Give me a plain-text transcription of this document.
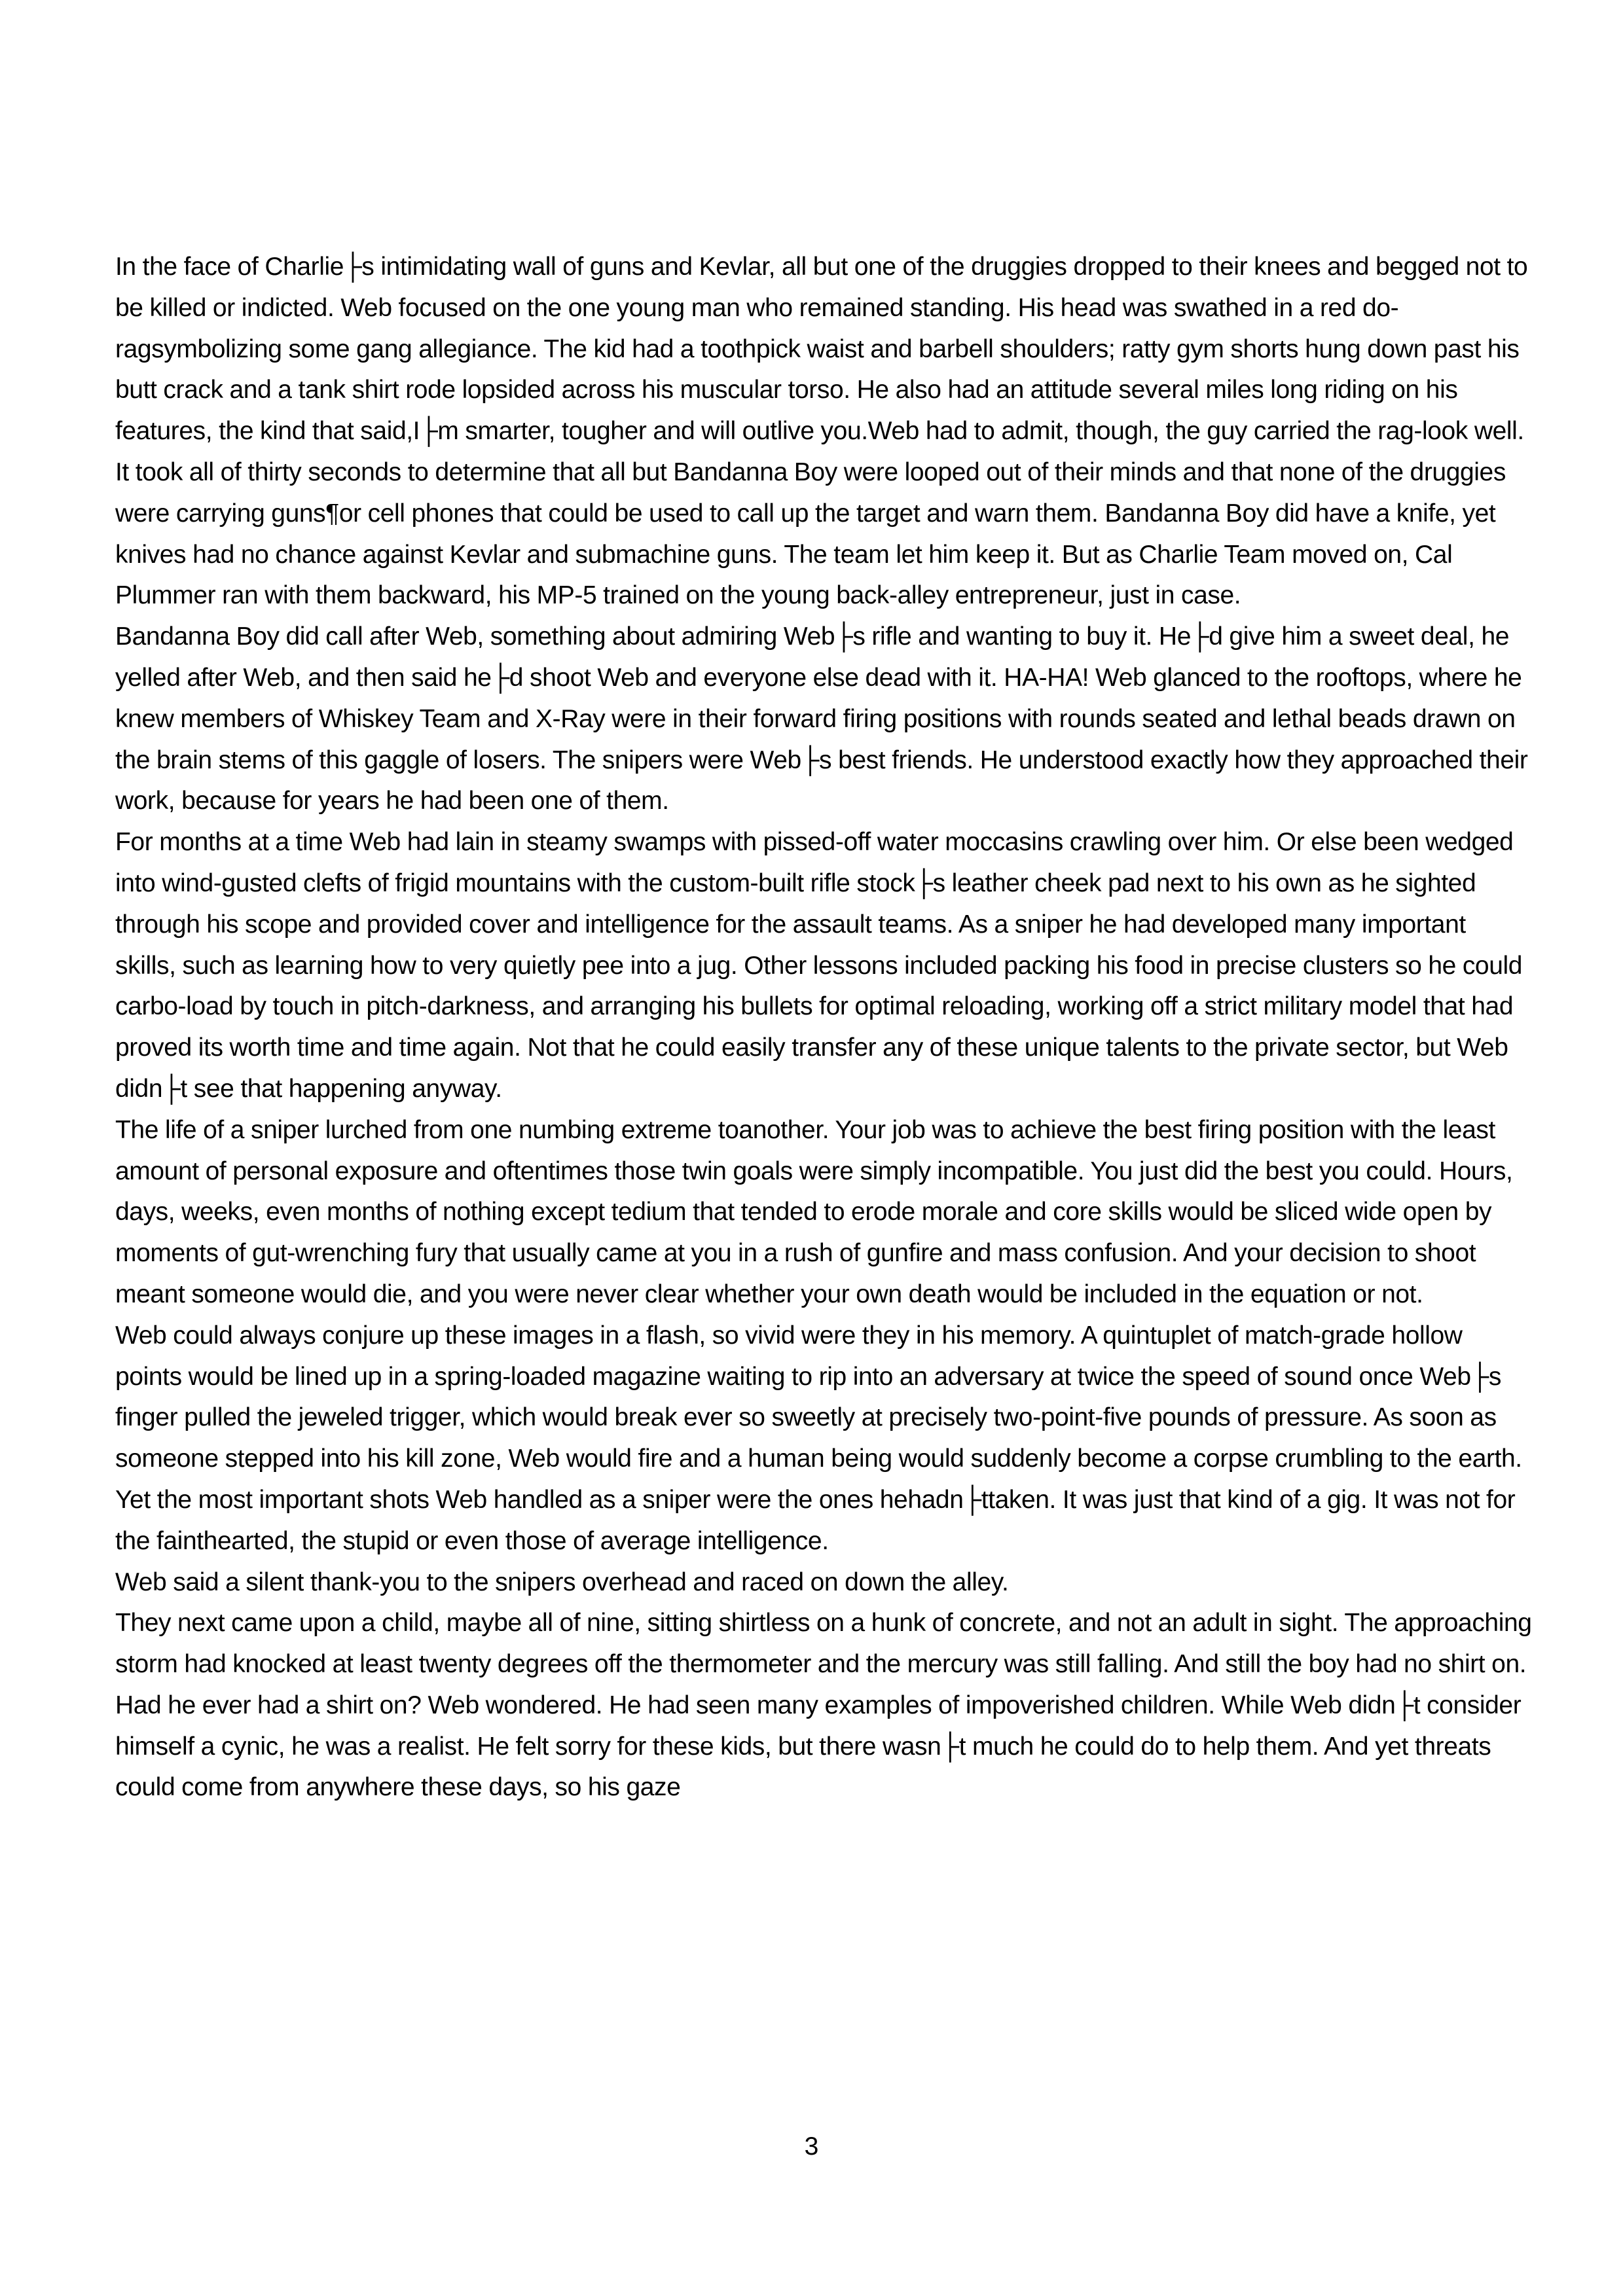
In the face of Charlie├s intimidating wall of guns and Kevlar, all but one of the druggies dropped to their knees and begged not to be killed or indicted. Web focused on the one young man who remained standing. His head was swathed in a red do-ragsymbolizing some gang allegiance. The kid had a toothpick waist and barbell shoulders; ratty gym shorts hung down past his butt crack and a tank shirt rode lopsided across his muscular torso. He also had an attitude several miles long riding on his features, the kind that said,I├m smarter, tougher and will outlive you.Web had to admit, though, the guy carried the rag-look well.

It took all of thirty seconds to determine that all but Bandanna Boy were looped out of their minds and that none of the druggies were carrying guns¶or cell phones that could be used to call up the target and warn them. Bandanna Boy did have a knife, yet knives had no chance against Kevlar and submachine guns. The team let him keep it. But as Charlie Team moved on, Cal Plummer ran with them backward, his MP-5 trained on the young back-alley entrepreneur, just in case.

Bandanna Boy did call after Web, something about admiring Web├s rifle and wanting to buy it. He├d give him a sweet deal, he yelled after Web, and then said he├d shoot Web and everyone else dead with it. HA-HA! Web glanced to the rooftops, where he knew members of Whiskey Team and X-Ray were in their forward firing positions with rounds seated and lethal beads drawn on the brain stems of this gaggle of losers. The snipers were Web├s best friends. He understood exactly how they approached their work, because for years he had been one of them.

For months at a time Web had lain in steamy swamps with pissed-off water moccasins crawling over him. Or else been wedged into wind-gusted clefts of frigid mountains with the custom-built rifle stock├s leather cheek pad next to his own as he sighted through his scope and provided cover and intelligence for the assault teams. As a sniper he had developed many important skills, such as learning how to very quietly pee into a jug. Other lessons included packing his food in precise clusters so he could carbo-load by touch in pitch-darkness, and arranging his bullets for optimal reloading, working off a strict military model that had proved its worth time and time again. Not that he could easily transfer any of these unique talents to the private sector, but Web didn├t see that happening anyway.

The life of a sniper lurched from one numbing extreme toanother. Your job was to achieve the best firing position with the least amount of personal exposure and oftentimes those twin goals were simply incompatible. You just did the best you could. Hours, days, weeks, even months of nothing except tedium that tended to erode morale and core skills would be sliced wide open by moments of gut-wrenching fury that usually came at you in a rush of gunfire and mass confusion. And your decision to shoot meant someone would die, and you were never clear whether your own death would be included in the equation or not.

Web could always conjure up these images in a flash, so vivid were they in his memory. A quintuplet of match-grade hollow points would be lined up in a spring-loaded magazine waiting to rip into an adversary at twice the speed of sound once Web├s finger pulled the jeweled trigger, which would break ever so sweetly at precisely two-point-five pounds of pressure. As soon as someone stepped into his kill zone, Web would fire and a human being would suddenly become a corpse crumbling to the earth. Yet the most important shots Web handled as a sniper were the ones hehadn├ttaken. It was just that kind of a gig. It was not for the fainthearted, the stupid or even those of average intelligence.

Web said a silent thank-you to the snipers overhead and raced on down the alley.

They next came upon a child, maybe all of nine, sitting shirtless on a hunk of concrete, and not an adult in sight. The approaching storm had knocked at least twenty degrees off the thermometer and the mercury was still falling. And still the boy had no shirt on. Had he ever had a shirt on? Web wondered. He had seen many examples of impoverished children. While Web didn├t consider himself a cynic, he was a realist. He felt sorry for these kids, but there wasn├t much he could do to help them. And yet threats could come from anywhere these days, so his gaze

3
